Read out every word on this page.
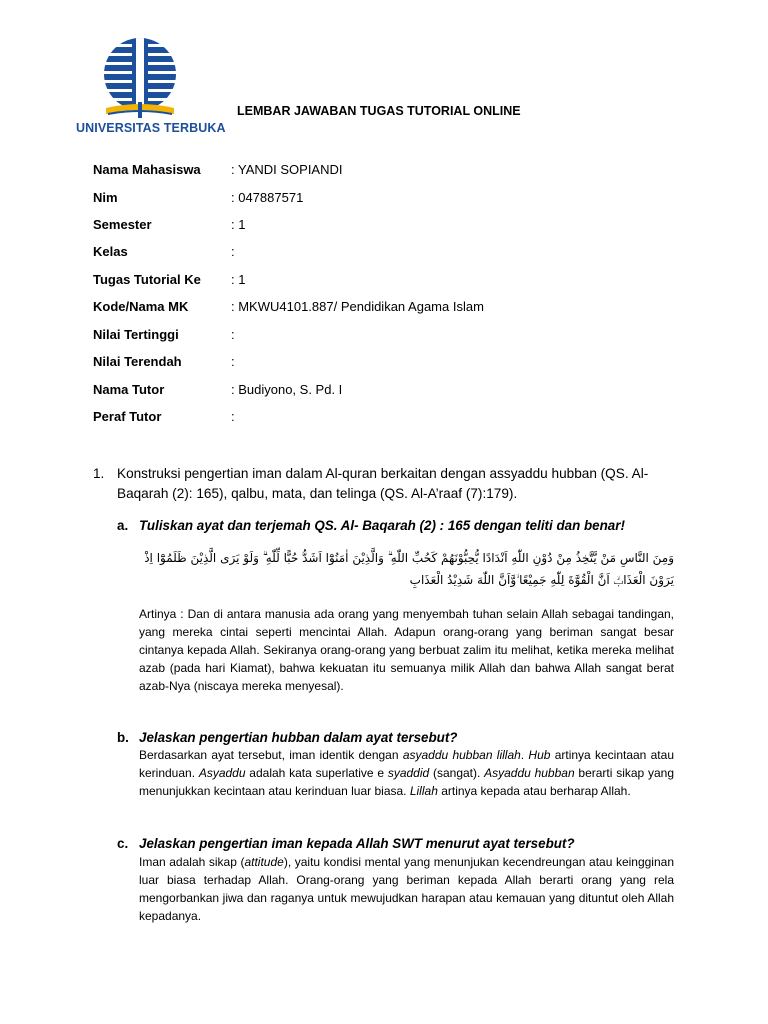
UNIVERSITAS TERBUKA
LEMBAR JAWABAN TUGAS TUTORIAL ONLINE
Nama Mahasiswa : YANDI SOPIANDI
Nim	: 047887571
Semester	: 1
Kelas	:
Tugas Tutorial Ke : 1
Kode/Nama MK	: MKWU4101.887/ Pendidikan Agama Islam
Nilai Tertinggi	:
Nilai Terendah	:
Nama Tutor	: Budiyono, S. Pd. I
Peraf Tutor	:
1. Konstruksi pengertian iman dalam Al-quran berkaitan dengan assyaddu hubban (QS. Al-Baqarah (2): 165), qalbu, mata, dan telinga (QS. Al-A’raaf (7):179).
a. Tuliskan ayat dan terjemah QS. Al- Baqarah (2) : 165 dengan teliti dan benar!
وَمِنَ النَّاسِ مَنْ يَّتَّخِذُ مِنْ دُوْنِ اللّٰهِ اَنْدَادًا يُّحِبُّوْنَهُمْ كَحُبِّ اللّٰهِ ۗ وَالَّذِيْنَ اٰمَنُوْٓا اَشَدُّ حُبًّا لِّلّٰهِ ۗ وَلَوْ يَرَى الَّذِيْنَ ظَلَمُوْٓا اِذْ
يَرَوْنَ الْعَذَابَۙ اَنَّ الْقُوَّةَ لِلّٰهِ جَمِيْعًا ۙوَّاَنَّ اللّٰهَ شَدِيْدُ الْعَذَابِ
Artinya : Dan di antara manusia ada orang yang menyembah tuhan selain Allah sebagai tandingan, yang mereka cintai seperti mencintai Allah. Adapun orang-orang yang beriman sangat besar cintanya kepada Allah. Sekiranya orang-orang yang berbuat zalim itu melihat, ketika mereka melihat azab (pada hari Kiamat), bahwa kekuatan itu semuanya milik Allah dan bahwa Allah sangat berat azab-Nya (niscaya mereka menyesal).
b. Jelaskan pengertian hubban dalam ayat tersebut?
Berdasarkan ayat tersebut, iman identik dengan asyaddu hubban lillah. Hub artinya kecintaan atau kerinduan. Asyaddu adalah kata superlative e syaddid (sangat). Asyaddu hubban berarti sikap yang menunjukkan kecintaan atau kerinduan luar biasa. Lillah artinya kepada atau berharap Allah.
c. Jelaskan pengertian iman kepada Allah SWT menurut ayat tersebut?
Iman adalah sikap (attitude), yaitu kondisi mental yang menunjukan kecendreungan atau keingginan luar biasa terhadap Allah. Orang-orang yang beriman kepada Allah berarti orang yang rela mengorbankan jiwa dan raganya untuk mewujudkan harapan atau kemauan yang dituntut oleh Allah kepadanya.
